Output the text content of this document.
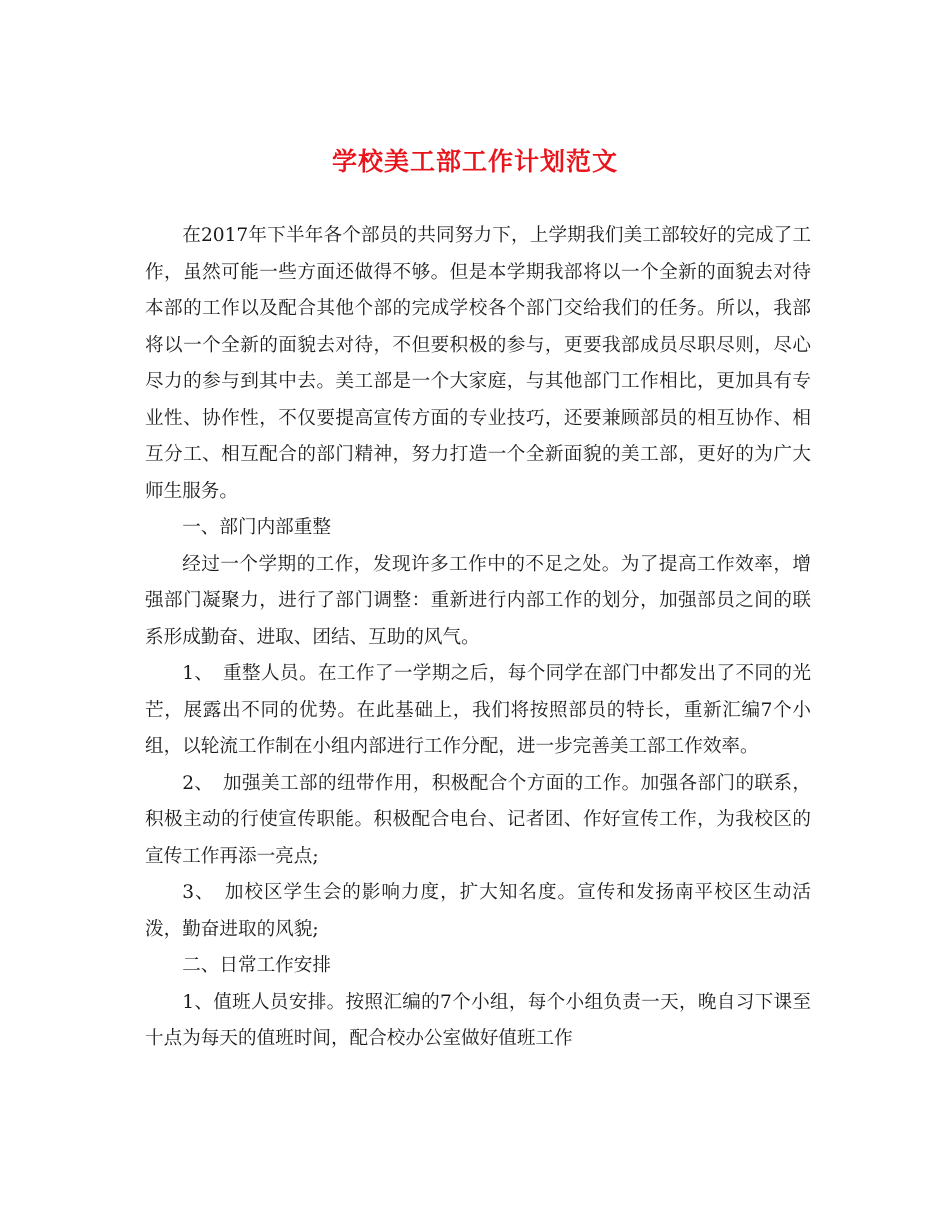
学校美工部工作计划范文

在2017年下半年各个部员的共同努力下，上学期我们美工部较好的完成了工作，虽然可能一些方面还做得不够。但是本学期我部将以一个全新的面貌去对待本部的工作以及配合其他个部的完成学校各个部门交给我们的任务。所以，我部将以一个全新的面貌去对待，不但要积极的参与，更要我部成员尽职尽则，尽心尽力的参与到其中去。美工部是一个大家庭，与其他部门工作相比，更加具有专业性、协作性，不仅要提高宣传方面的专业技巧，还要兼顾部员的相互协作、相互分工、相互配合的部门精神，努力打造一个全新面貌的美工部，更好的为广大师生服务。

一、部门内部重整

经过一个学期的工作，发现许多工作中的不足之处。为了提高工作效率，增强部门凝聚力，进行了部门调整：重新进行内部工作的划分，加强部员之间的联系形成勤奋、进取、团结、互助的风气。

1、　重整人员。在工作了一学期之后，每个同学在部门中都发出了不同的光芒，展露出不同的优势。在此基础上，我们将按照部员的特长，重新汇编7个小组，以轮流工作制在小组内部进行工作分配，进一步完善美工部工作效率。

2、　加强美工部的纽带作用，积极配合个方面的工作。加强各部门的联系，积极主动的行使宣传职能。积极配合电台、记者团、作好宣传工作，为我校区的宣传工作再添一亮点;

3、　加校区学生会的影响力度，扩大知名度。宣传和发扬南平校区生动活泼，勤奋进取的风貌;

二、日常工作安排

1、值班人员安排。按照汇编的7个小组，每个小组负责一天，晚自习下课至十点为每天的值班时间，配合校办公室做好值班工作
